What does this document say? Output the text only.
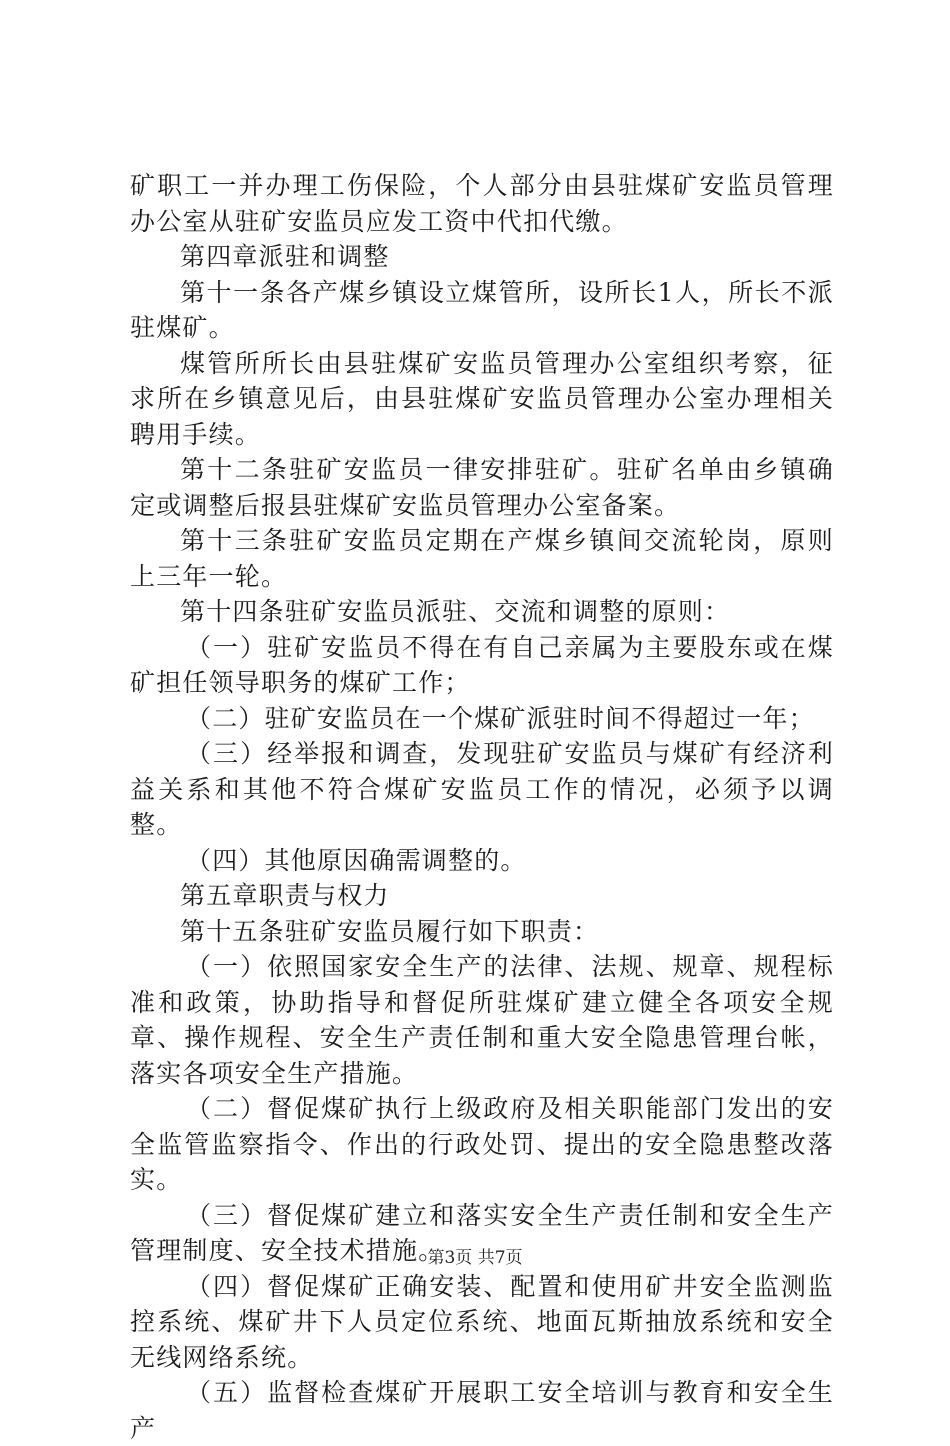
矿职工一并办理工伤保险，个人部分由县驻煤矿安监员管理办公室从驻矿安监员应发工资中代扣代缴。

第四章派驻和调整

第十一条各产煤乡镇设立煤管所，设所长1人，所长不派驻煤矿。

煤管所所长由县驻煤矿安监员管理办公室组织考察，征求所在乡镇意见后，由县驻煤矿安监员管理办公室办理相关聘用手续。

第十二条驻矿安监员一律安排驻矿。驻矿名单由乡镇确定或调整后报县驻煤矿安监员管理办公室备案。

第十三条驻矿安监员定期在产煤乡镇间交流轮岗，原则上三年一轮。

第十四条驻矿安监员派驻、交流和调整的原则：

（一）驻矿安监员不得在有自己亲属为主要股东或在煤矿担任领导职务的煤矿工作；

（二）驻矿安监员在一个煤矿派驻时间不得超过一年；

（三）经举报和调查，发现驻矿安监员与煤矿有经济利益关系和其他不符合煤矿安监员工作的情况，必须予以调整。

（四）其他原因确需调整的。

第五章职责与权力

第十五条驻矿安监员履行如下职责：

（一）依照国家安全生产的法律、法规、规章、规程标准和政策，协助指导和督促所驻煤矿建立健全各项安全规章、操作规程、安全生产责任制和重大安全隐患管理台帐，落实各项安全生产措施。

（二）督促煤矿执行上级政府及相关职能部门发出的安全监管监察指令、作出的行政处罚、提出的安全隐患整改落实。

（三）督促煤矿建立和落实安全生产责任制和安全生产管理制度、安全技术措施。

（四）督促煤矿正确安装、配置和使用矿井安全监测监控系统、煤矿井下人员定位系统、地面瓦斯抽放系统和安全无线网络系统。

（五）监督检查煤矿开展职工安全培训与教育和安全生产

第3页 共7页
